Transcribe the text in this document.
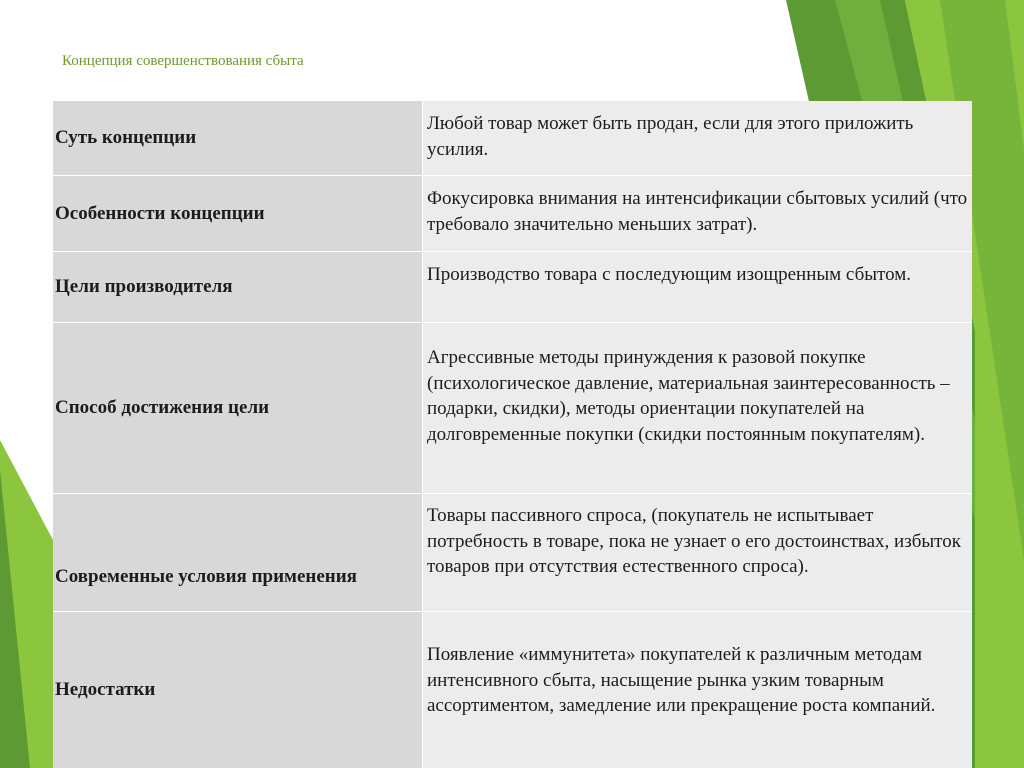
Концепция совершенствования сбыта
Суть концепции
Любой товар может быть продан, если для этого приложить усилия.
Особенности концепции
Фокусировка внимания на интенсификации сбытовых усилий (что требовало значительно меньших затрат).
Цели производителя
Производство товара с последующим изощренным сбытом.
Способ достижения цели
Агрессивные методы принуждения к разовой покупке (психологическое давление, материальная заинтересованность – подарки, скидки), методы ориентации покупателей на долговременные покупки (скидки постоянным покупателям).
Современные условия применения
Товары пассивного спроса, (покупатель не испытывает потребность в товаре, пока не узнает о его достоинствах, избыток товаров при отсутствия естественного спроса).
Недостатки
Появление «иммунитета» покупателей к различным методам интенсивного сбыта, насыщение рынка узким товарным ассортиментом, замедление или прекращение роста компаний.
